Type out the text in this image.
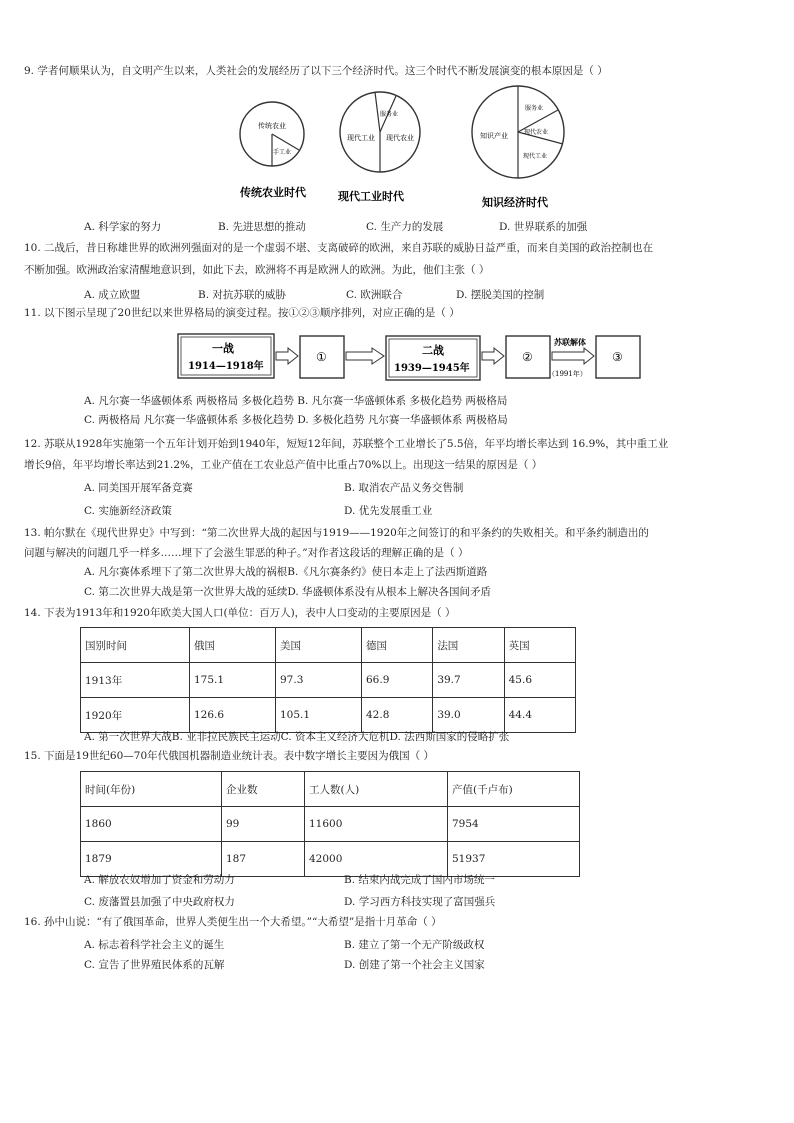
9. 学者何顺果认为，自文明产生以来，人类社会的发展经历了以下三个经济时代。这三个时代不断发展演变的根本原因是（ ）
传统农业
手工业
传统农业时代
现代工业 现代农业
服务业
现代工业时代
知识产业	现代农业
现代工业
服务业
知识经济时代
A. 科学家的努力	B. 先进思想的推动	C. 生产力的发展	D. 世界联系的加强
10. 二战后，昔日称雄世界的欧洲列强面对的是一个虚弱不堪、支离破碎的欧洲，来自苏联的威胁日益严重，而来自美国的政治控制也在
不断加强。欧洲政治家清醒地意识到，如此下去，欧洲将不再是欧洲人的欧洲。为此，他们主张（ ）
A. 成立欧盟	B. 对抗苏联的威胁	C. 欧洲联合	D. 摆脱美国的控制
11. 以下图示呈现了20世纪以来世界格局的演变过程。按①②③顺序排列，对应正确的是（ ）
一战
1914—1918年
①	二战
1939—1945年
②
苏联解体
（1991年）
③
A. 凡尔赛一华盛顿体系 两极格局 多极化趋势 B. 凡尔赛一华盛顿体系 多极化趋势 两极格局
C. 两极格局 凡尔赛一华盛顿体系 多极化趋势 D. 多极化趋势 凡尔赛一华盛顿体系 两极格局
12. 苏联从1928年实施第一个五年计划开始到1940年，短短12年间，苏联整个工业增长了5.5倍，年平均增长率达到 16.9%，其中重工业
增长9倍，年平均增长率达到21.2%，工业产值在工农业总产值中比重占70%以上。出现这一结果的原因是（ ）
A. 同美国开展军备竞赛	B. 取消农产品义务交售制
C. 实施新经济政策	D. 优先发展重工业
13. 帕尔默在《现代世界史》中写到：“第二次世界大战的起因与1919——1920年之间签订的和平条约的失败相关。和平条约制造出的
问题与解决的问题几乎一样多……埋下了会滋生罪恶的种子。”对作者这段话的理解正确的是（ ）
A. 凡尔赛体系埋下了第二次世界大战的祸根B.《凡尔赛条约》使日本走上了法西斯道路
C. 第二次世界大战是第一次世界大战的延续D. 华盛顿体系没有从根本上解决各国间矛盾
14. 下表为1913年和1920年欧美大国人口(单位：百万人)，表中人口变动的主要原因是（ ）
国别时间	俄国	美国	德国	法国	英国
1913年	175.1	97.3	66.9	39.7	45.6
1920年	126.6	105.1	42.8	39.0	44.4
A. 第一次世界大战B. 亚非拉民族民主运动C. 资本主义经济大危机D. 法西斯国家的侵略扩张
15. 下面是19世纪60—70年代俄国机器制造业统计表。表中数字增长主要因为俄国（ ）
时间(年份)	企业数	工人数(人)	产值(千卢布)
1860	99	11600	7954
1879	187	42000	51937
A. 解放农奴增加了资金和劳动力	B. 结束内战完成了国内市场统一
C. 废藩置县加强了中央政府权力	D. 学习西方科技实现了富国强兵
16. 孙中山说：“有了俄国革命，世界人类便生出一个大希望。”“大希望”是指十月革命（ ）
A. 标志着科学社会主义的诞生	B. 建立了第一个无产阶级政权
C. 宣告了世界殖民体系的瓦解	D. 创建了第一个社会主义国家
